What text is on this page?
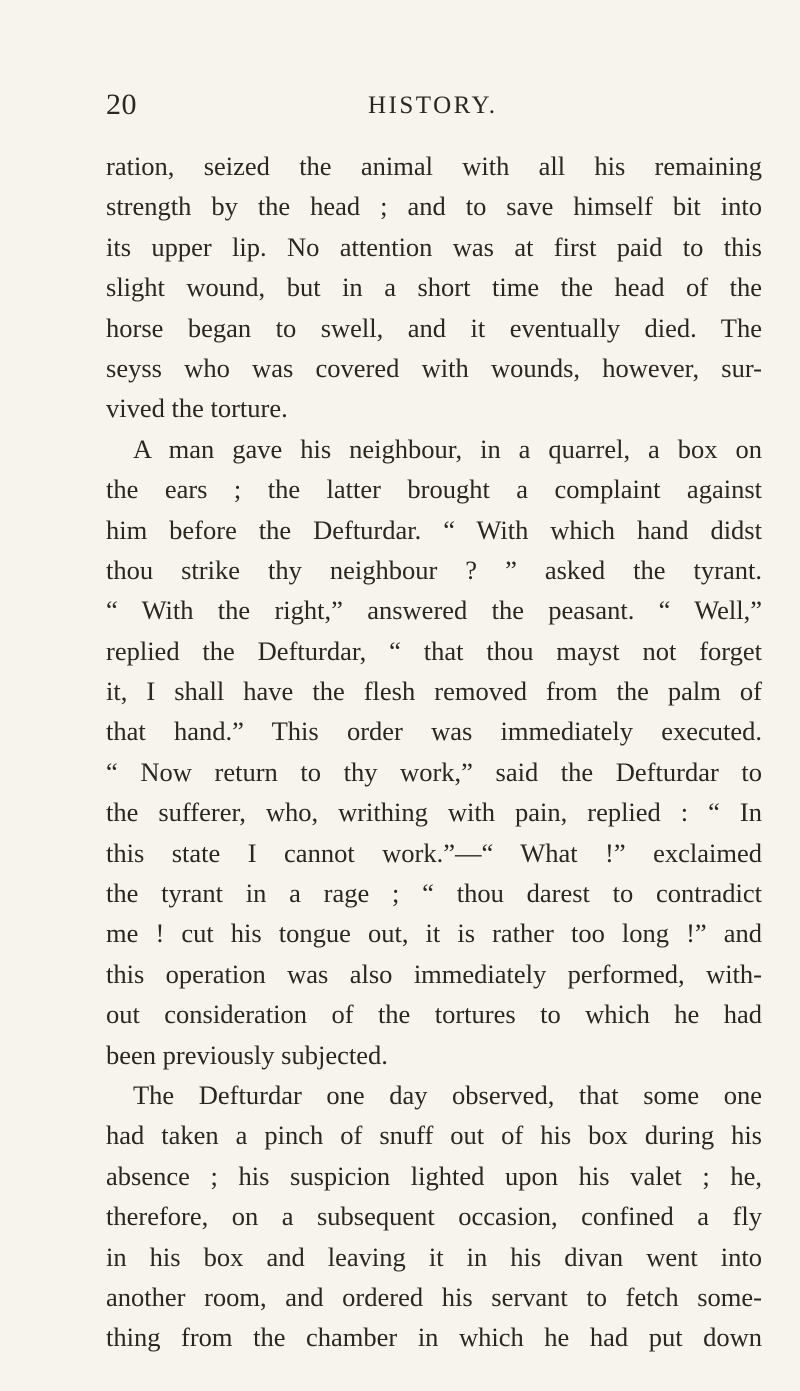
20	HISTORY.
ration, seized the animal with all his remaining
strength by the head ; and to save himself bit into
its upper lip. No attention was at first paid to this
slight wound, but in a short time the head of the
horse began to swell, and it eventually died. The
seyss who was covered with wounds, however, sur-
vived the torture.
A man gave his neighbour, in a quarrel, a box on
the ears ; the latter brought a complaint against
him before the Defturdar. “ With which hand didst
thou strike thy neighbour ? ” asked the tyrant.
“ With the right,” answered the peasant. “ Well,”
replied the Defturdar, “ that thou mayst not forget
it, I shall have the flesh removed from the palm of
that hand.” This order was immediately executed.
“ Now return to thy work,” said the Defturdar to
the sufferer, who, writhing with pain, replied : “ In
this state I cannot work.”—“ What !” exclaimed
the tyrant in a rage ; “ thou darest to contradict
me ! cut his tongue out, it is rather too long !” and
this operation was also immediately performed, with-
out consideration of the tortures to which he had
been previously subjected.
The Defturdar one day observed, that some one
had taken a pinch of snuff out of his box during his
absence ; his suspicion lighted upon his valet ; he,
therefore, on a subsequent occasion, confined a fly
in his box and leaving it in his divan went into
another room, and ordered his servant to fetch some-
thing from the chamber in which he had put down
